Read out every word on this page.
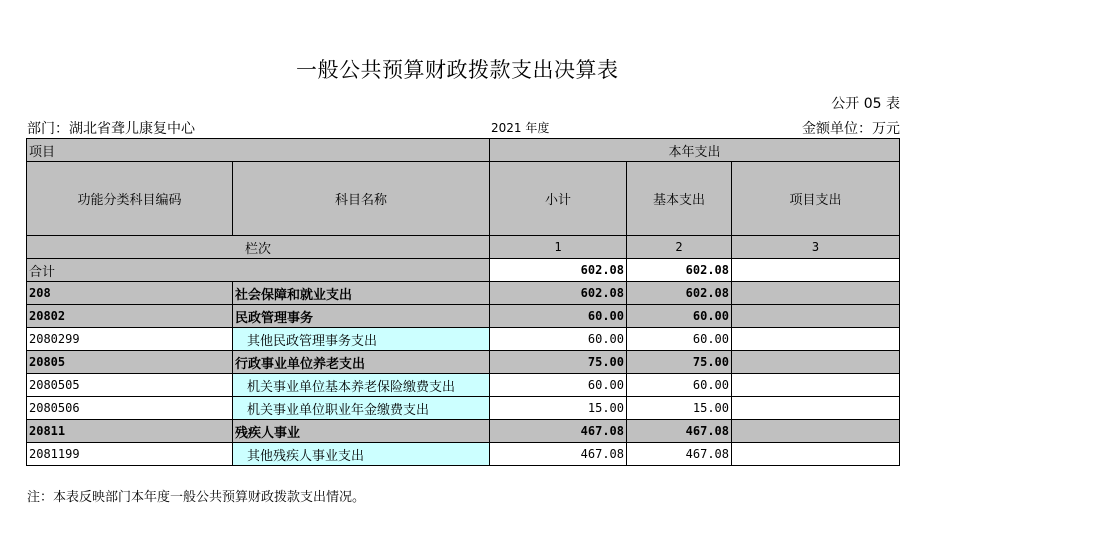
一般公共预算财政拨款支出决算表
公开 05 表
部门：湖北省聋儿康复中心	2021 年度	金额单位：万元
项目		本年支出		
功能分类科目编码	科目名称	小计	基本支出	项目支出
栏次		1	2	3
合计		602.08	602.08	
208	社会保障和就业支出	602.08	602.08	
20802	民政管理事务	60.00	60.00	
2080299	其他民政管理事务支出	60.00	60.00	
20805	行政事业单位养老支出	75.00	75.00	
2080505	机关事业单位基本养老保险缴费支出	60.00	60.00	
2080506	机关事业单位职业年金缴费支出	15.00	15.00	
20811	残疾人事业	467.08	467.08	
2081199	其他残疾人事业支出	467.08	467.08	
注：本表反映部门本年度一般公共预算财政拨款支出情况。
